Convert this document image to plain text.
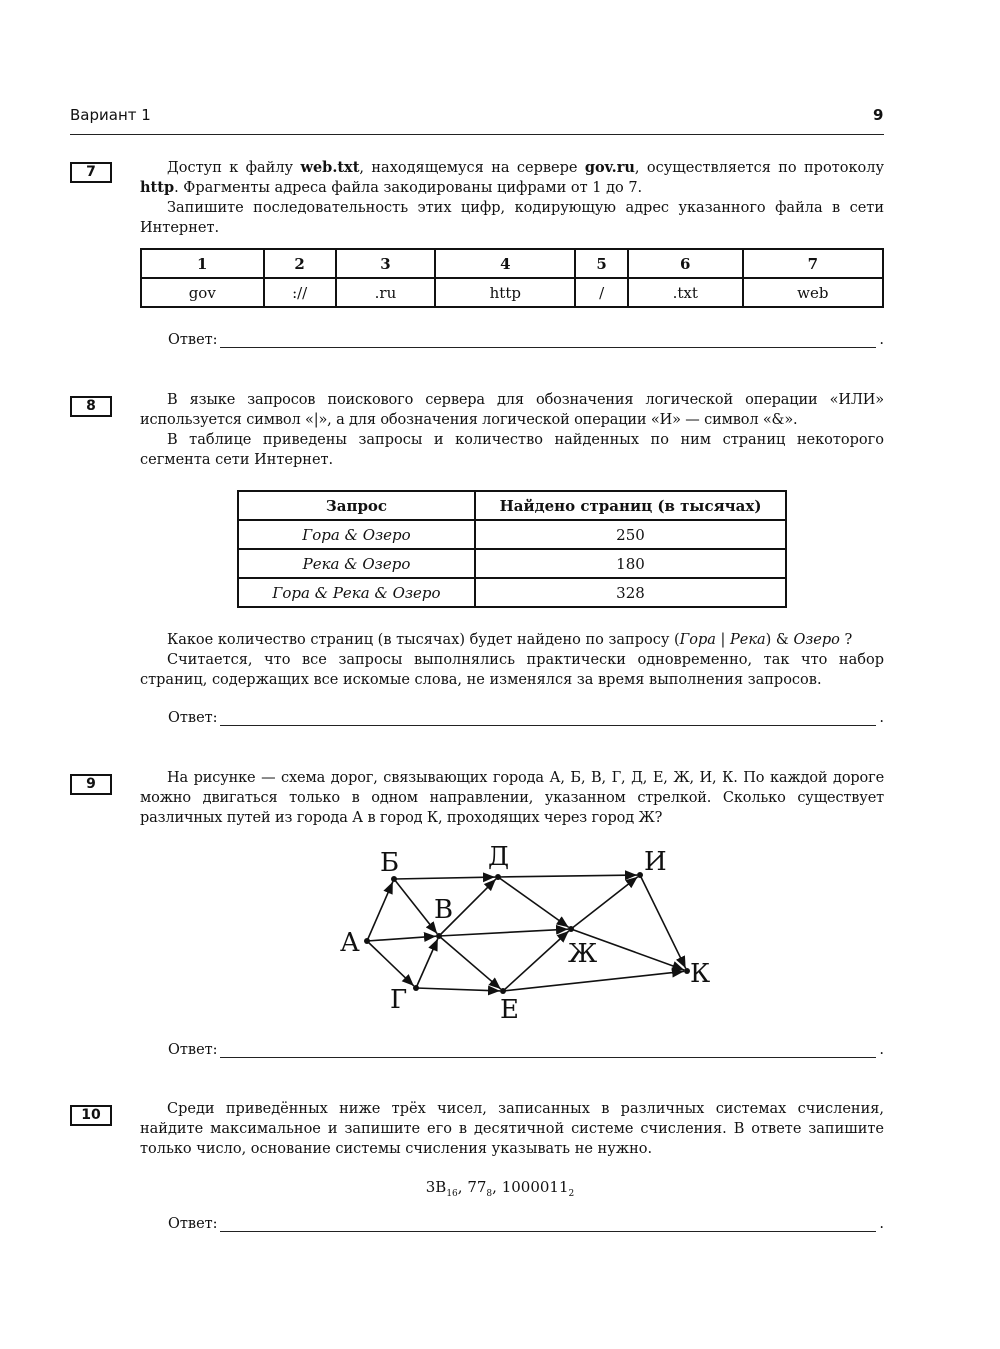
Вариант 1	9
7	Доступ к файлу web.txt, находящемуся на сервере gov.ru, осуществляется по протоколу http. Фрагменты адреса файла закодированы цифрами от 1 до 7.

Запишите последовательность этих цифр, кодирующую адрес указанного файла в сети Интернет.

1	2	3	4	5	6	7
gov	://	.ru	http	/	.txt	web
Ответ:	.
8	В языке запросов поискового сервера для обозначения логической операции «ИЛИ» используется символ «|», а для обозначения логической операции «И» — символ «&».

В таблице приведены запросы и количество найденных по ним страниц некоторого сегмента сети Интернет.

Запрос	Найдено страниц (в тысячах)
Гора & Озеро	250
Река & Озеро	180
Гора & Река & Озеро	328

Какое количество страниц (в тысячах) будет найдено по запросу (Гора | Река) & Озеро ?

Считается, что все запросы выполнялись практически одновременно, так что набор страниц, содержащих все искомые слова, не изменялся за время выполнения запросов.

Ответ:	.
9	На рисунке — схема дорог, связывающих города А, Б, В, Г, Д, Е, Ж, И, К. По каждой дороге можно двигаться только в одном направлении, указанном стрелкой. Сколько существует различных путей из города А в город К, проходящих через город Ж?

А
Б
В
Г
Д
Е
Ж
И
К
Ответ:	.
10	Среди приведённых ниже трёх чисел, записанных в различных системах счисления, найдите максимальное и запишите его в десятичной системе счисления. В ответе запишите только число, основание системы счисления указывать не нужно.

$3B_{16}$, $77_8$, $1000011_2$
Ответ:	.
